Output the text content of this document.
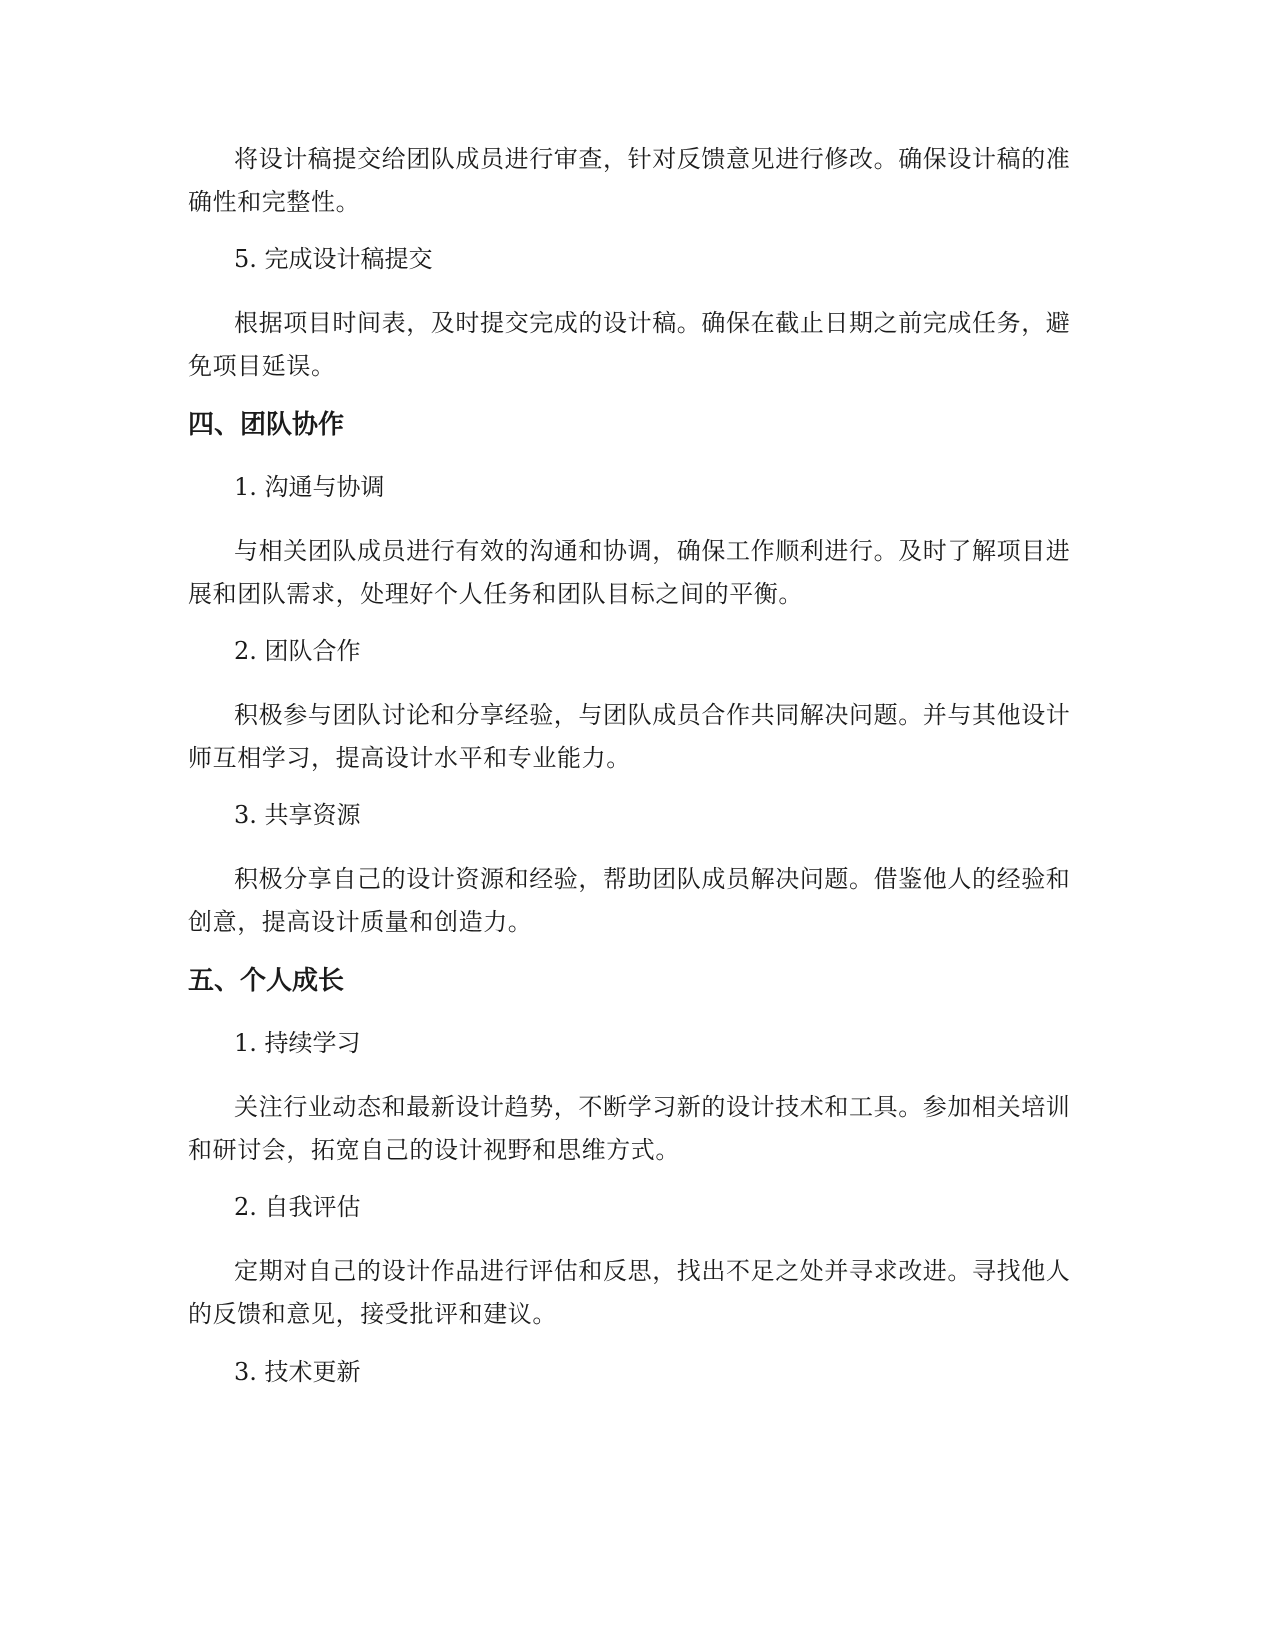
将设计稿提交给团队成员进行审查，针对反馈意见进行修改。确保设计稿的准确性和完整性。

5. 完成设计稿提交

根据项目时间表，及时提交完成的设计稿。确保在截止日期之前完成任务，避免项目延误。

四、团队协作

1. 沟通与协调

与相关团队成员进行有效的沟通和协调，确保工作顺利进行。及时了解项目进展和团队需求，处理好个人任务和团队目标之间的平衡。

2. 团队合作

积极参与团队讨论和分享经验，与团队成员合作共同解决问题。并与其他设计师互相学习，提高设计水平和专业能力。

3. 共享资源

积极分享自己的设计资源和经验，帮助团队成员解决问题。借鉴他人的经验和创意，提高设计质量和创造力。

五、个人成长

1. 持续学习

关注行业动态和最新设计趋势，不断学习新的设计技术和工具。参加相关培训和研讨会，拓宽自己的设计视野和思维方式。

2. 自我评估

定期对自己的设计作品进行评估和反思，找出不足之处并寻求改进。寻找他人的反馈和意见，接受批评和建议。

3. 技术更新
